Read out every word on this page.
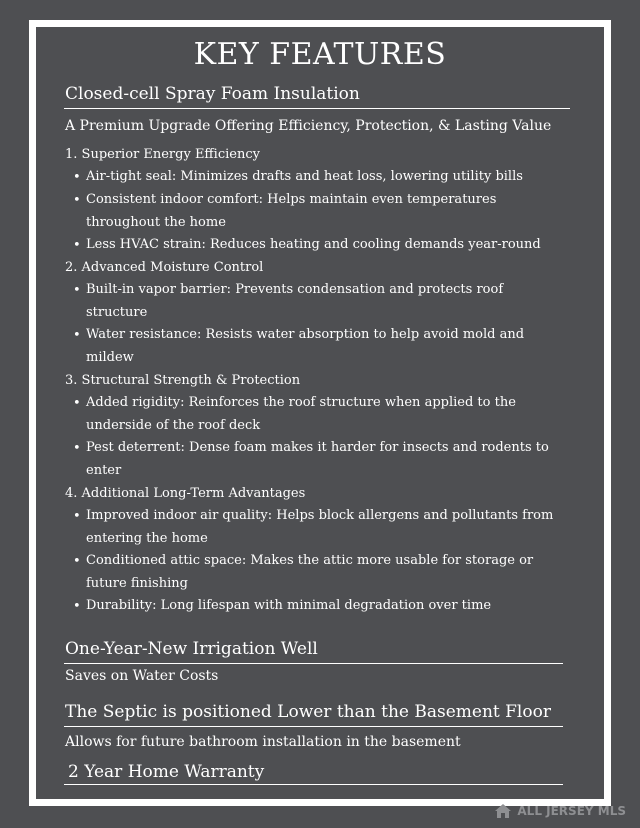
KEY FEATURES
Closed-cell Spray Foam Insulation
A Premium Upgrade Offering Efficiency, Protection, & Lasting Value
1. Superior Energy Efficiency
• Air-tight seal: Minimizes drafts and heat loss, lowering utility bills
• Consistent indoor comfort: Helps maintain even temperatures throughout the home
• Less HVAC strain: Reduces heating and cooling demands year-round
2. Advanced Moisture Control
• Built-in vapor barrier: Prevents condensation and protects roof structure
• Water resistance: Resists water absorption to help avoid mold and mildew
3. Structural Strength & Protection
• Added rigidity: Reinforces the roof structure when applied to the underside of the roof deck
• Pest deterrent: Dense foam makes it harder for insects and rodents to enter
4. Additional Long-Term Advantages
• Improved indoor air quality: Helps block allergens and pollutants from entering the home
• Conditioned attic space: Makes the attic more usable for storage or future finishing
• Durability: Long lifespan with minimal degradation over time
One-Year-New Irrigation Well
Saves on Water Costs
The Septic is positioned Lower than the Basement Floor
Allows for future bathroom installation in the basement
2 Year Home Warranty
ALL JERSEY MLS
